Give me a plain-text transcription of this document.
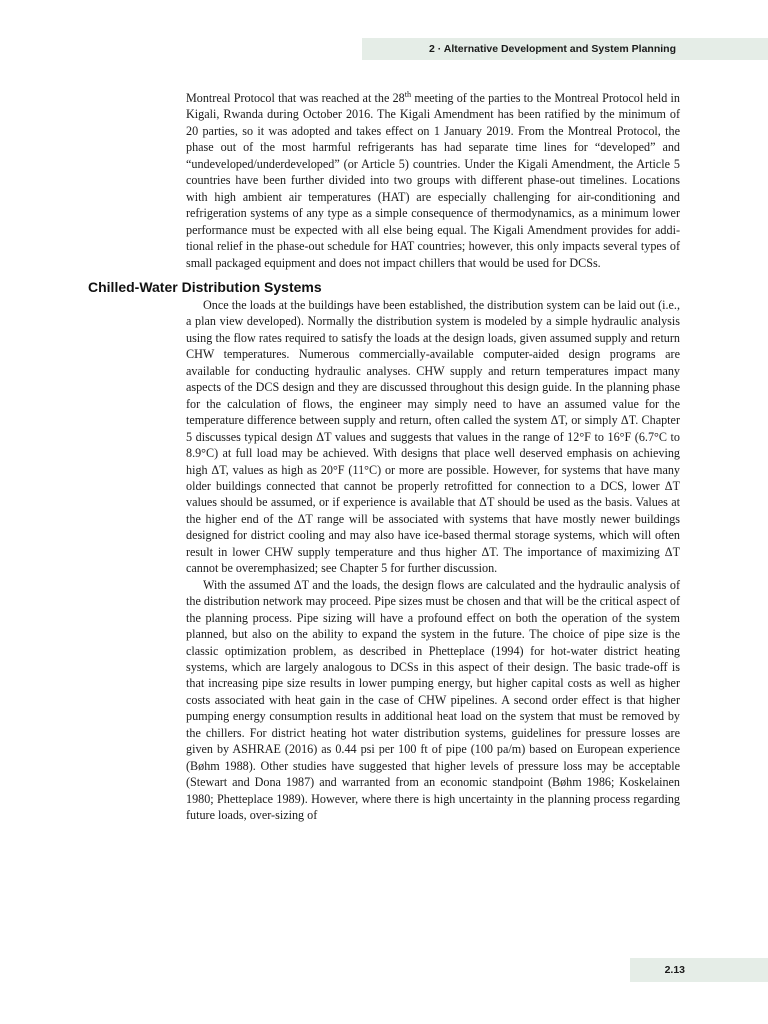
2 · Alternative Development and System Planning

Montreal Protocol that was reached at the 28th meeting of the parties to the Montreal Protocol held in Kigali, Rwanda during October 2016. The Kigali Amendment has been ratified by the minimum of 20 parties, so it was adopted and takes effect on 1 January 2019. From the Montreal Protocol, the phase out of the most harmful refrigerants has had separate time lines for “developed” and “undeveloped/underdeveloped” (or Article 5) countries. Under the Kigali Amendment, the Article 5 countries have been further divided into two groups with different phase-out timelines. Locations with high ambient air temperatures (HAT) are especially challenging for air-conditioning and refrigeration systems of any type as a simple consequence of thermodynamics, as a minimum lower performance must be expected with all else being equal. The Kigali Amendment provides for additional relief in the phase-out schedule for HAT countries; however, this only impacts several types of small packaged equipment and does not impact chillers that would be used for DCSs.

Chilled-Water Distribution Systems

Once the loads at the buildings have been established, the distribution system can be laid out (i.e., a plan view developed). Normally the distribution system is modeled by a simple hydraulic analysis using the flow rates required to satisfy the loads at the design loads, given assumed supply and return CHW temperatures. Numerous commercially-available computer-aided design programs are available for conducting hydraulic analyses. CHW supply and return temperatures impact many aspects of the DCS design and they are discussed throughout this design guide. In the planning phase for the calculation of flows, the engineer may simply need to have an assumed value for the temperature difference between supply and return, often called the system ΔT, or simply ΔT. Chapter 5 discusses typical design ΔT values and suggests that values in the range of 12°F to 16°F (6.7°C to 8.9°C) at full load may be achieved. With designs that place well deserved emphasis on achieving high ΔT, values as high as 20°F (11°C) or more are possible. However, for systems that have many older buildings connected that cannot be properly retrofitted for connection to a DCS, lower ΔT values should be assumed, or if experience is available that ΔT should be used as the basis. Values at the higher end of the ΔT range will be associated with systems that have mostly newer buildings designed for district cooling and may also have ice-based thermal storage systems, which will often result in lower CHW supply temperature and thus higher ΔT. The importance of maximizing ΔT cannot be overemphasized; see Chapter 5 for further discussion.

With the assumed ΔT and the loads, the design flows are calculated and the hydraulic analysis of the distribution network may proceed. Pipe sizes must be chosen and that will be the critical aspect of the planning process. Pipe sizing will have a profound effect on both the operation of the system planned, but also on the ability to expand the system in the future. The choice of pipe size is the classic optimization problem, as described in Phetteplace (1994) for hot-water district heating systems, which are largely analogous to DCSs in this aspect of their design. The basic trade-off is that increasing pipe size results in lower pumping energy, but higher capital costs as well as higher costs associated with heat gain in the case of CHW pipelines. A second order effect is that higher pumping energy consumption results in additional heat load on the system that must be removed by the chillers. For district heating hot water distribution systems, guidelines for pressure losses are given by ASHRAE (2016) as 0.44 psi per 100 ft of pipe (100 pa/m) based on European experience (Bøhm 1988). Other studies have suggested that higher levels of pressure loss may be acceptable (Stewart and Dona 1987) and warranted from an economic standpoint (Bøhm 1986; Koskelainen 1980; Phetteplace 1989). However, where there is high uncertainty in the planning process regarding future loads, over-sizing of

2.13
